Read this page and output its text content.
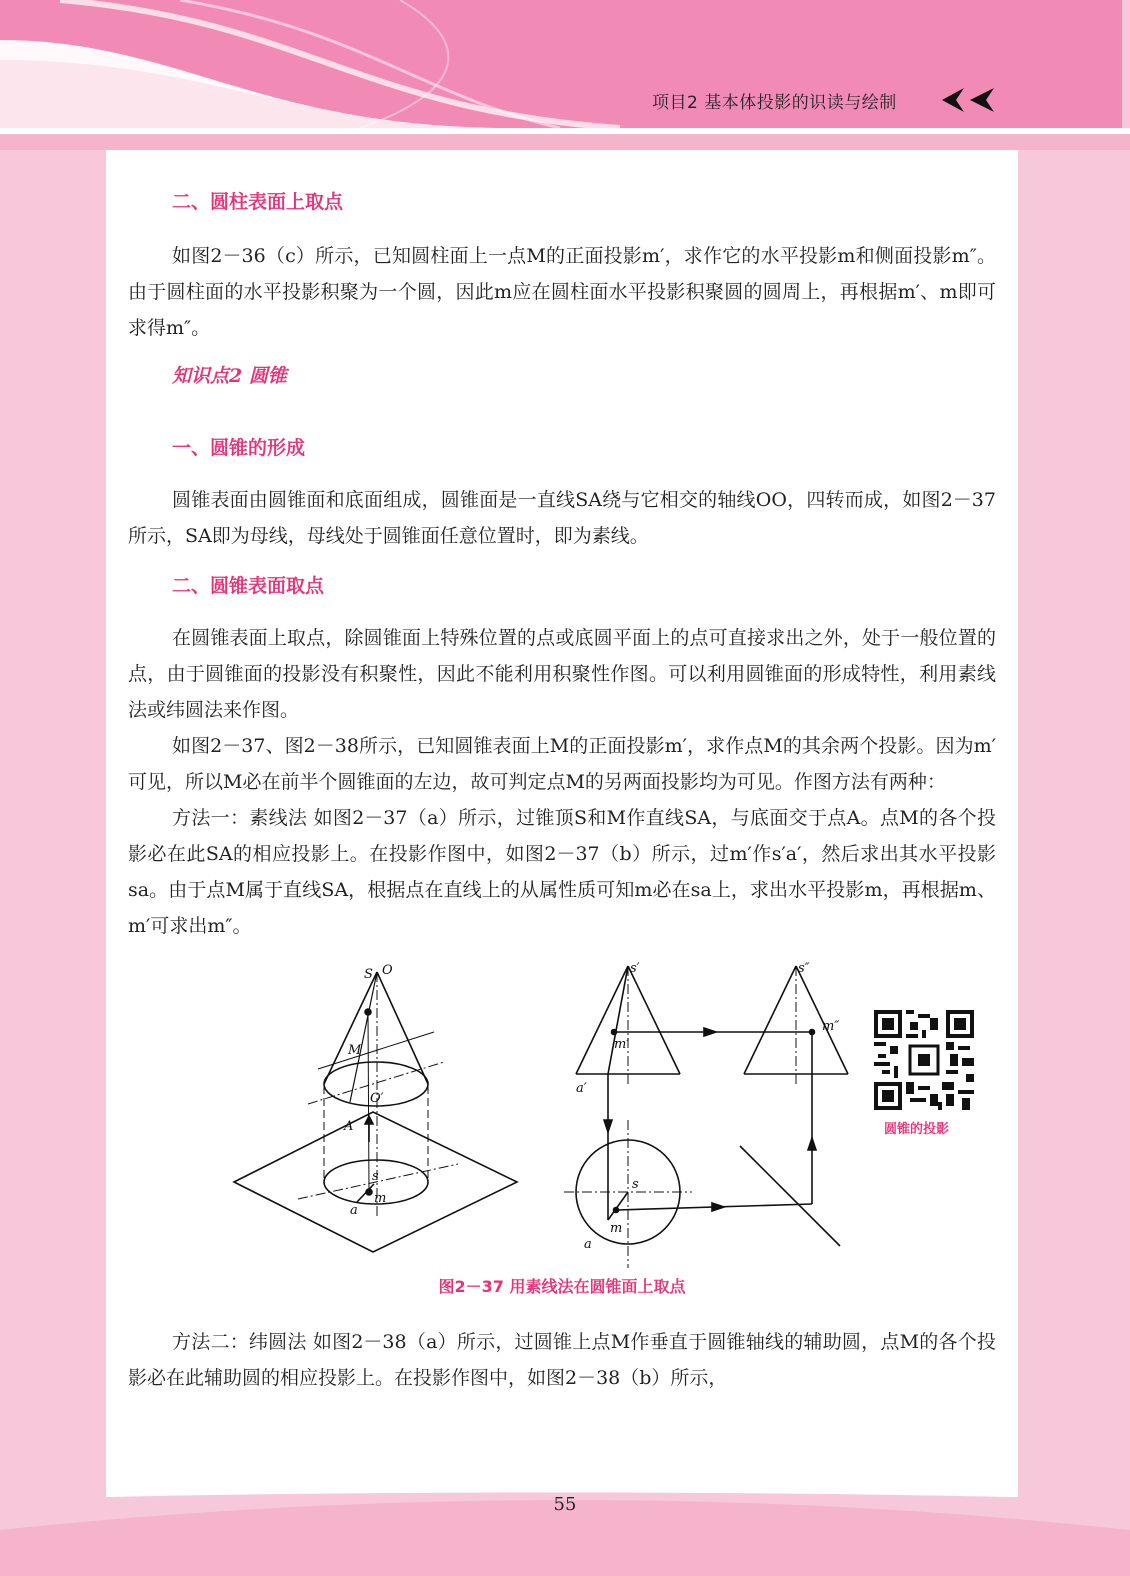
项目2 基本体投影的识读与绘制
二、圆柱表面上取点

如图2－36（c）所示，已知圆柱面上一点M的正面投影m′，求作它的水平投影m和侧面投影m″。由于圆柱面的水平投影积聚为一个圆，因此m应在圆柱面水平投影积聚圆的圆周上，再根据m′、m即可求得m″。

知识点2 圆锥
一、圆锥的形成

圆锥表面由圆锥面和底面组成，圆锥面是一直线SA绕与它相交的轴线OO，四转而成，如图2－37所示，SA即为母线，母线处于圆锥面任意位置时，即为素线。

二、圆锥表面取点

在圆锥表面上取点，除圆锥面上特殊位置的点或底圆平面上的点可直接求出之外，处于一般位置的点，由于圆锥面的投影没有积聚性，因此不能利用积聚性作图。可以利用圆锥面的形成特性，利用素线法或纬圆法来作图。

如图2－37、图2－38所示，已知圆锥表面上M的正面投影m′，求作点M的其余两个投影。因为m′可见，所以M必在前半个圆锥面的左边，故可判定点M的另两面投影均为可见。作图方法有两种：

方法一：素线法 如图2－37（a）所示，过锥顶S和M作直线SA，与底面交于点A。点M的各个投影必在此SA的相应投影上。在投影作图中，如图2－37（b）所示，过m′作s′a′，然后求出其水平投影sa。由于点M属于直线SA，根据点在直线上的从属性质可知m必在sa上，求出水平投影m，再根据m、m′可求出m″。

S O
M
O′
A
s
m
a
s′	s″
m′
m″
a′
s
m
a
图2－37 用素线法在圆锥面上取点

方法二：纬圆法 如图2－38（a）所示，过圆锥上点M作垂直于圆锥轴线的辅助圆，点M的各个投影必在此辅助圆的相应投影上。在投影作图中，如图2－38（b）所示，

圆锥的投影
55
